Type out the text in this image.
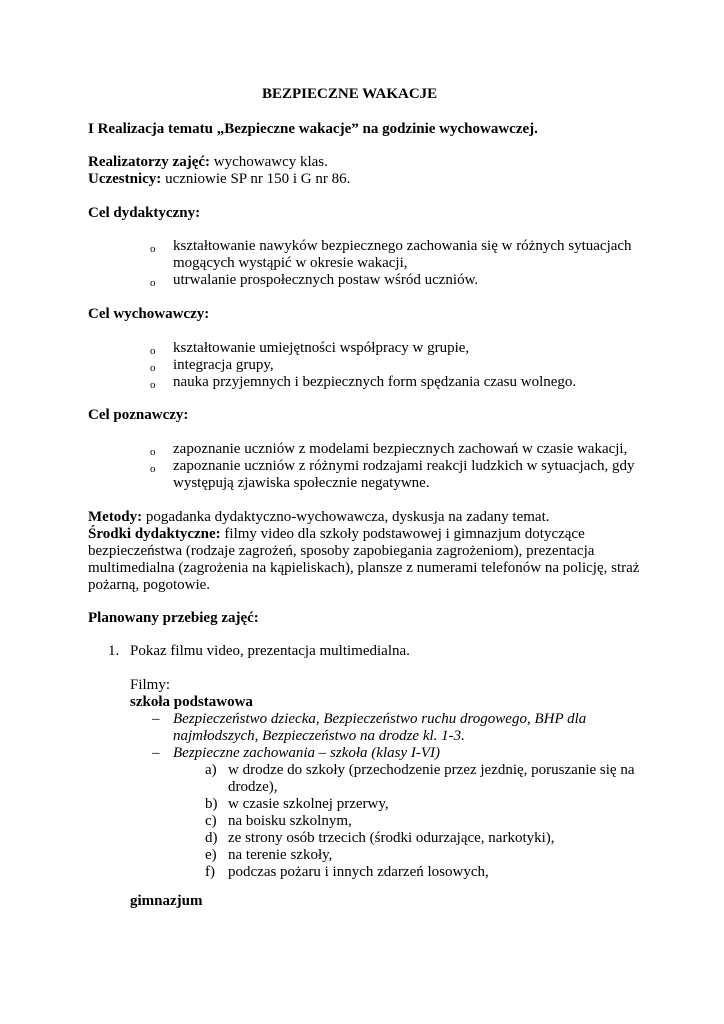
BEZPIECZNE WAKACJE
I Realizacja tematu „Bezpieczne wakacje” na godzinie wychowawczej.
Realizatorzy zajęć: wychowawcy klas.
Uczestnicy: uczniowie SP nr 150 i G nr 86.
Cel dydaktyczny:
o kształtowanie nawyków bezpiecznego zachowania się w różnych sytuacjach
mogących wystąpić w okresie wakacji,
o utrwalanie prospołecznych postaw wśród uczniów.
Cel wychowawczy:
o kształtowanie umiejętności współpracy w grupie,
o integracja grupy,
o nauka przyjemnych i bezpiecznych form spędzania czasu wolnego.
Cel poznawczy:
o zapoznanie uczniów z modelami bezpiecznych zachowań w czasie wakacji,
o zapoznanie uczniów z różnymi rodzajami reakcji ludzkich w sytuacjach, gdy
występują zjawiska społecznie negatywne.
Metody: pogadanka dydaktyczno-wychowawcza, dyskusja na zadany temat.
Środki dydaktyczne: filmy video dla szkoły podstawowej i gimnazjum dotyczące
bezpieczeństwa (rodzaje zagrożeń, sposoby zapobiegania zagrożeniom), prezentacja
multimedialna (zagrożenia na kąpieliskach), plansze z numerami telefonów na policję, straż
pożarną, pogotowie.
Planowany przebieg zajęć:
1. Pokaz filmu video, prezentacja multimedialna.
Filmy:
szkoła podstawowa
– Bezpieczeństwo dziecka, Bezpieczeństwo ruchu drogowego, BHP dla
najmłodszych, Bezpieczeństwo na drodze kl. 1-3.
– Bezpieczne zachowania – szkoła (klasy I-VI)
a) w drodze do szkoły (przechodzenie przez jezdnię, poruszanie się na
drodze),
b) w czasie szkolnej przerwy,
c) na boisku szkolnym,
d) ze strony osób trzecich (środki odurzające, narkotyki),
e) na terenie szkoły,
f) podczas pożaru i innych zdarzeń losowych,
gimnazjum
